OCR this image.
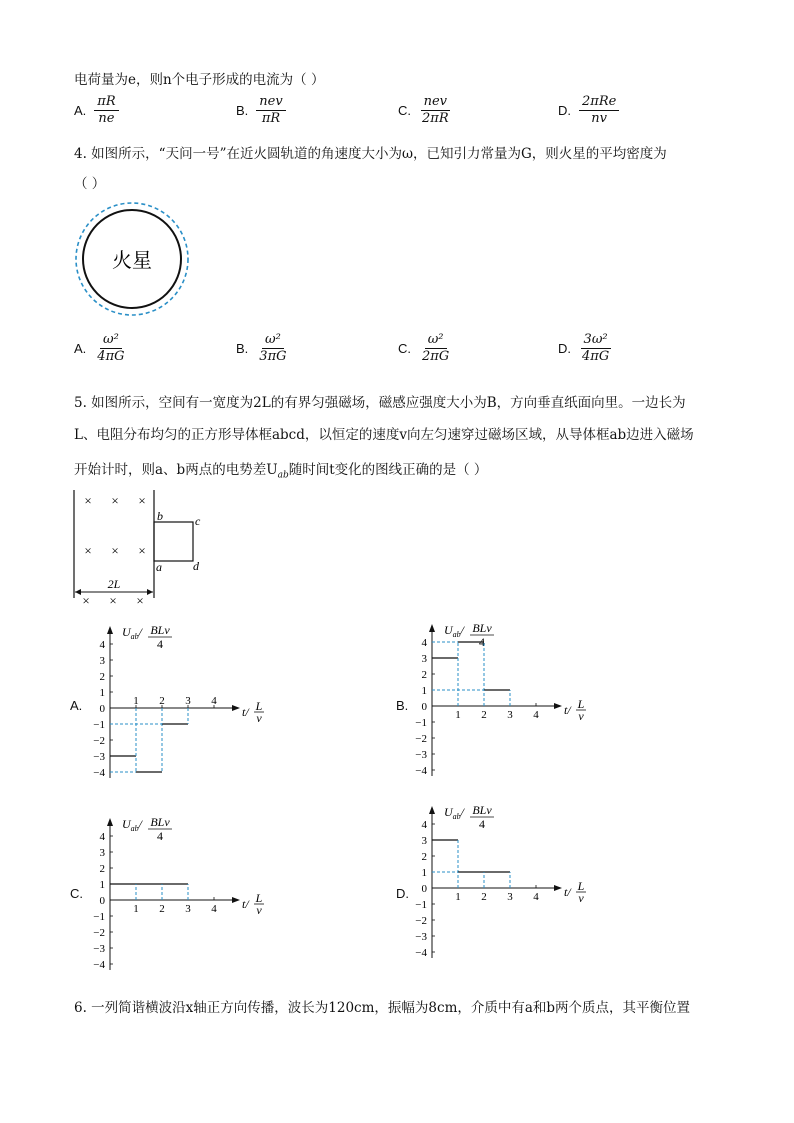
电荷量为e，则n个电子形成的电流为（ ）
A. $\frac{\pi R}{ne}$	B. $\frac{\text{nev}}{\pi R}$	C. $\frac{\text{nev}}{2\pi R}$	D. $\frac{\text{2πRe}}{nv}$
4. 如图所示，“天问一号”在近火圆轨道的角速度大小为ω，已知引力常量为G，则火星的平均密度为
（ ）
火星
A. $\frac{\text{ω²}}{4\pi G}$	B. $\frac{\text{ω²}}{3\pi G}$	C. $\frac{\text{ω²}}{2\pi G}$	D. $\frac{\text{3ω²}}{4\pi G}$
5. 如图所示，空间有一宽度为2L的有界匀强磁场，磁感应强度大小为B，方向垂直纸面向里。一边长为
L、电阻分布均匀的正方形导体框abcd，以恒定的速度v向左匀速穿过磁场区域，从导体框ab边进入磁场
开始计时，则a、b两点的电势差$U_{ab}$随时间t变化的图线正确的是（ ）
× × ×
× × ×
× × ×
b	c
a	d
2L
A.
4
3
2
1
0
−1
−2
−3
−4
1 2 3 4
$U_{ab}/$ BLv
4
t/ L
v
B.
4
3
2
1
0
−1
−2
−3
−4
1 2 3 4
$U_{ab}/$ BLv
4
t/ L
v
C.
4
3
2
1
0
−1
−2
−3
−4
1 2 3 4
$U_{ab}/$ BLv
4
t/ L
v
D.
4
3
2
1
0
−1
−2
−3
−4
1 2 3 4
$U_{ab}/$ BLv
4
t/ L
v
6. 一列简谐横波沿x轴正方向传播，波长为120cm，振幅为8cm，介质中有a和b两个质点，其平衡位置
